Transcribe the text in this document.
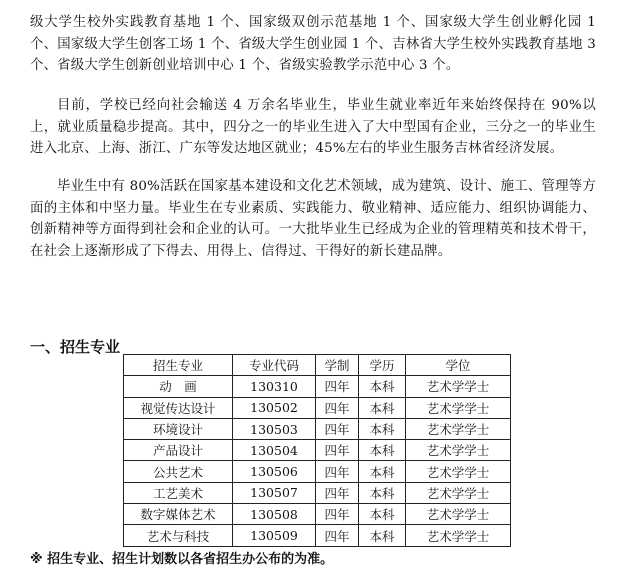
级大学生校外实践教育基地 1 个、国家级双创示范基地 1 个、国家级大学生创业孵化园 1 个、国家级大学生创客工场 1 个、省级大学生创业园 1 个、吉林省大学生校外实践教育基地 3 个、省级大学生创新创业培训中心 1 个、省级实验教学示范中心 3 个。

目前，学校已经向社会输送 4 万余名毕业生，毕业生就业率近年来始终保持在 90%以上，就业质量稳步提高。其中，四分之一的毕业生进入了大中型国有企业，三分之一的毕业生进入北京、上海、浙江、广东等发达地区就业；45%左右的毕业生服务吉林省经济发展。

毕业生中有 80%活跃在国家基本建设和文化艺术领域，成为建筑、设计、施工、管理等方面的主体和中坚力量。毕业生在专业素质、实践能力、敬业精神、适应能力、组织协调能力、创新精神等方面得到社会和企业的认可。一大批毕业生已经成为企业的管理精英和技术骨干，在社会上逐渐形成了下得去、用得上、信得过、干得好的新长建品牌。

一、招生专业
招生专业	专业代码	学制	学历	学位
动　画	130310	四年	本科	艺术学学士
视觉传达设计	130502	四年	本科	艺术学学士
环境设计	130503	四年	本科	艺术学学士
产品设计	130504	四年	本科	艺术学学士
公共艺术	130506	四年	本科	艺术学学士
工艺美术	130507	四年	本科	艺术学学士
数字媒体艺术	130508	四年	本科	艺术学学士
艺术与科技	130509	四年	本科	艺术学学士

※ 招生专业、招生计划数以各省招生办公布的为准。
